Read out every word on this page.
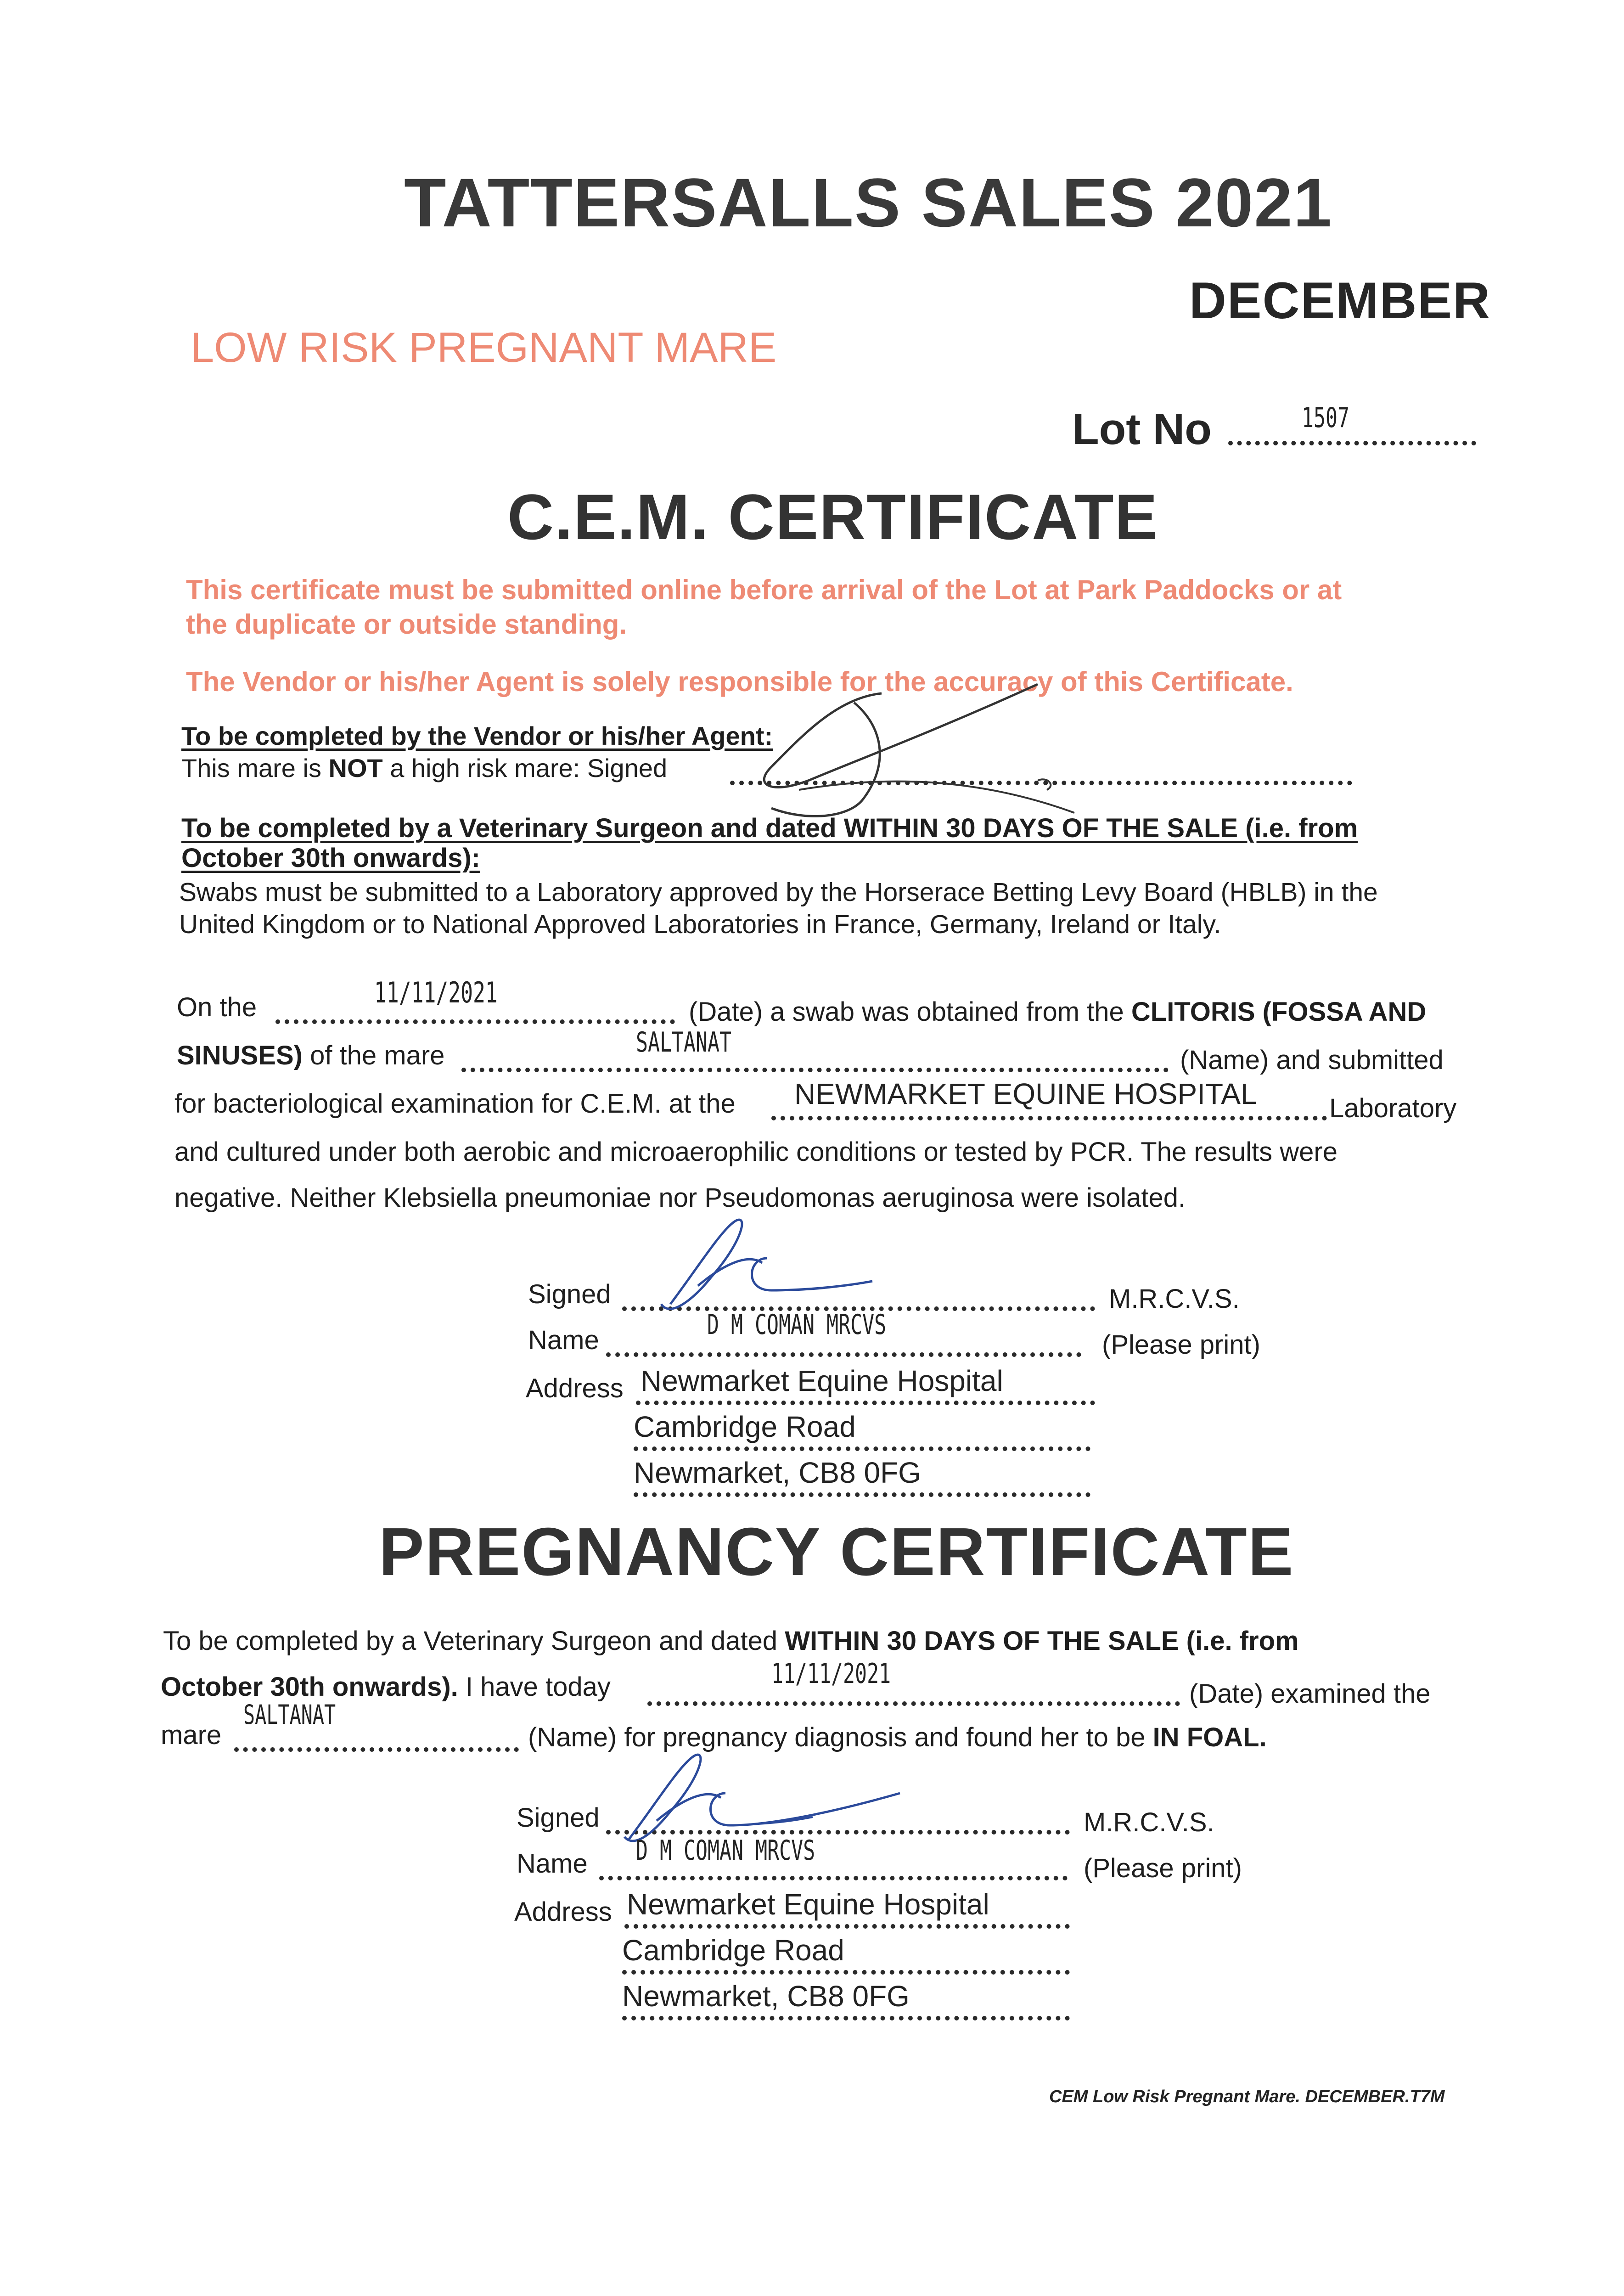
TATTERSALLS SALES 2021
DECEMBER
LOW RISK PREGNANT MARE
Lot No	1507
C.E.M. CERTIFICATE
This certificate must be submitted online before arrival of the Lot at Park Paddocks or at
the duplicate or outside standing.
The Vendor or his/her Agent is solely responsible for the accuracy of this Certificate.
To be completed by the Vendor or his/her Agent:
This mare is NOT a high risk mare: Signed
To be completed by a Veterinary Surgeon and dated WITHIN 30 DAYS OF THE SALE (i.e. from
October 30th onwards):
Swabs must be submitted to a Laboratory approved by the Horserace Betting Levy Board (HBLB) in the
United Kingdom or to National Approved Laboratories in France, Germany, Ireland or Italy.
On the	11/11/2021
(Date) a swab was obtained from the CLITORIS (FOSSA AND
SINUSES) of the mare	SALTANAT
(Name) and submitted
for bacteriological examination for C.E.M. at the NEWMARKET EQUINE HOSPITAL	Laboratory
and cultured under both aerobic and microaerophilic conditions or tested by PCR. The results were
negative. Neither Klebsiella pneumoniae nor Pseudomonas aeruginosa were isolated.
Signed	M.R.C.V.S.
Name	D M COMAN MRCVS
(Please print)
Address Newmarket Equine Hospital
Cambridge Road
Newmarket, CB8 0FG
PREGNANCY CERTIFICATE
To be completed by a Veterinary Surgeon and dated WITHIN 30 DAYS OF THE SALE (i.e. from
October 30th onwards). I have today	11/11/2021
(Date) examined the
mare
SALTANAT
(Name) for pregnancy diagnosis and found her to be IN FOAL.
Signed	M.R.C.V.S.
Name D M COMAN MRCVS
(Please print)
Address Newmarket Equine Hospital
Cambridge Road
Newmarket, CB8 0FG
CEM Low Risk Pregnant Mare. DECEMBER.T7M
